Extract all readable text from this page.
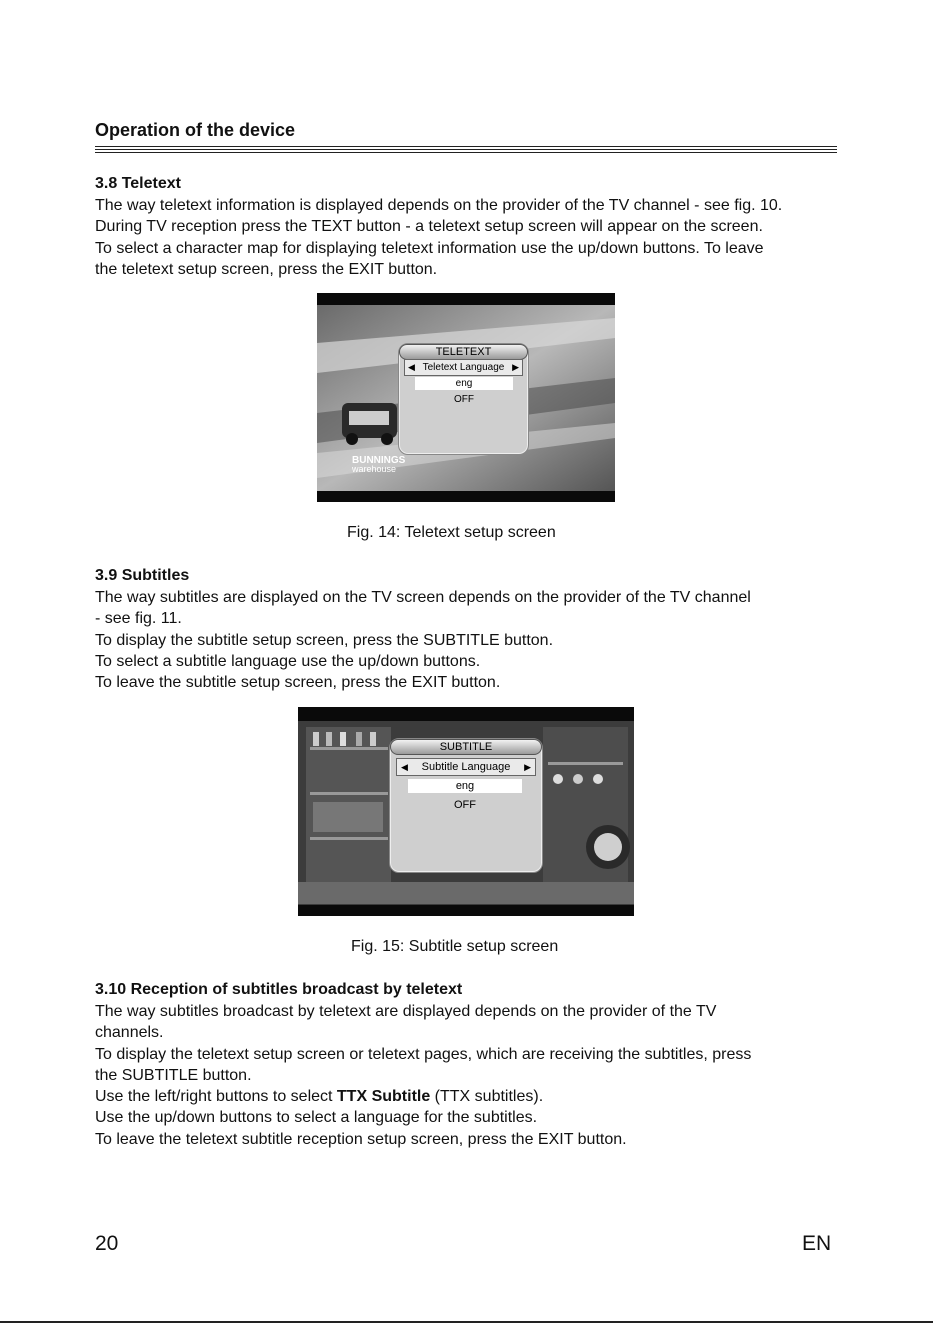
Operation of the device
3.8 Teletext

The way teletext information is displayed depends on the provider of the TV channel - see fig. 10.

During TV reception press the TEXT button - a teletext setup screen will appear on the screen.

To select a character map for displaying teletext information use the up/down buttons. To leave

the teletext setup screen, press the EXIT button.

BUNNINGS
warehouse
TELETEXT
◀ Teletext Language ▶
eng
OFF
Fig. 14: Teletext setup screen
3.9 Subtitles

The way subtitles are displayed on the TV screen depends on the provider of the TV channel

- see fig. 11.

To display the subtitle setup screen, press the SUBTITLE button.

To select a subtitle language use the up/down buttons.

To leave the subtitle setup screen, press the EXIT button.

SUBTITLE
◀ Subtitle Language ▶
eng
OFF
Fig. 15: Subtitle setup screen
3.10 Reception of subtitles broadcast by teletext

The way subtitles broadcast by teletext are displayed depends on the provider of the TV

channels.

To display the teletext setup screen or teletext pages, which are receiving the subtitles, press

the SUBTITLE button.

Use the left/right buttons to select TTX Subtitle (TTX subtitles).

Use the up/down buttons to select a language for the subtitles.

To leave the teletext subtitle reception setup screen, press the EXIT button.

20	EN
